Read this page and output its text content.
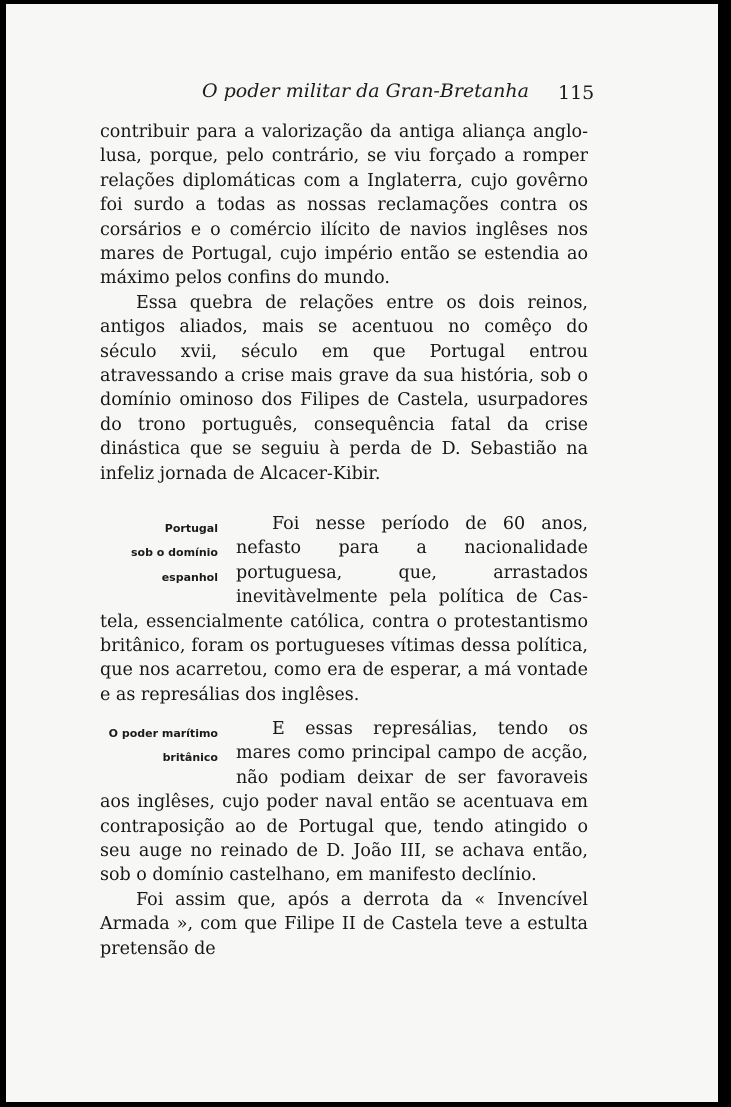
O poder militar da Gran-Bretanha 115

contribuir para a valorização da antiga aliança anglo-lusa, porque, pelo contrário, se viu forçado a romper relações diplomáticas com a Inglaterra, cujo govêrno foi surdo a todas as nossas reclamações contra os corsários e o comércio ilícito de navios inglêses nos mares de Portugal, cujo império então se estendia ao máximo pelos confins do mundo.

Essa quebra de relações entre os dois reinos, antigos aliados, mais se acentuou no comêço do século xvii, século em que Portugal entrou atravessando a crise mais grave da sua história, sob o domínio ominoso dos Filipes de Castela, usurpadores do trono português, consequência fatal da crise dinástica que se seguiu à perda de D. Sebastião na infeliz jornada de Alcacer-Kibir.

Portugal
sob o domínio
espanhol

Foi nesse período de 60 anos, nefasto para a nacionalidade portuguesa, que, arrastados inevitàvelmente pela política de Castela, essencialmente católica, contra o protestantismo britânico, foram os portugueses vítimas dessa política, que nos acarretou, como era de esperar, a má vontade e as represálias dos inglêses.

O poder marítimo
britânico

E essas represálias, tendo os mares como principal campo de acção, não podiam deixar de ser favoraveis aos inglêses, cujo poder naval então se acentuava em contraposição ao de Portugal que, tendo atingido o seu auge no reinado de D. João III, se achava então, sob o domínio castelhano, em manifesto declínio.

Foi assim que, após a derrota da « Invencível Armada », com que Filipe II de Castela teve a estulta pretensão de
